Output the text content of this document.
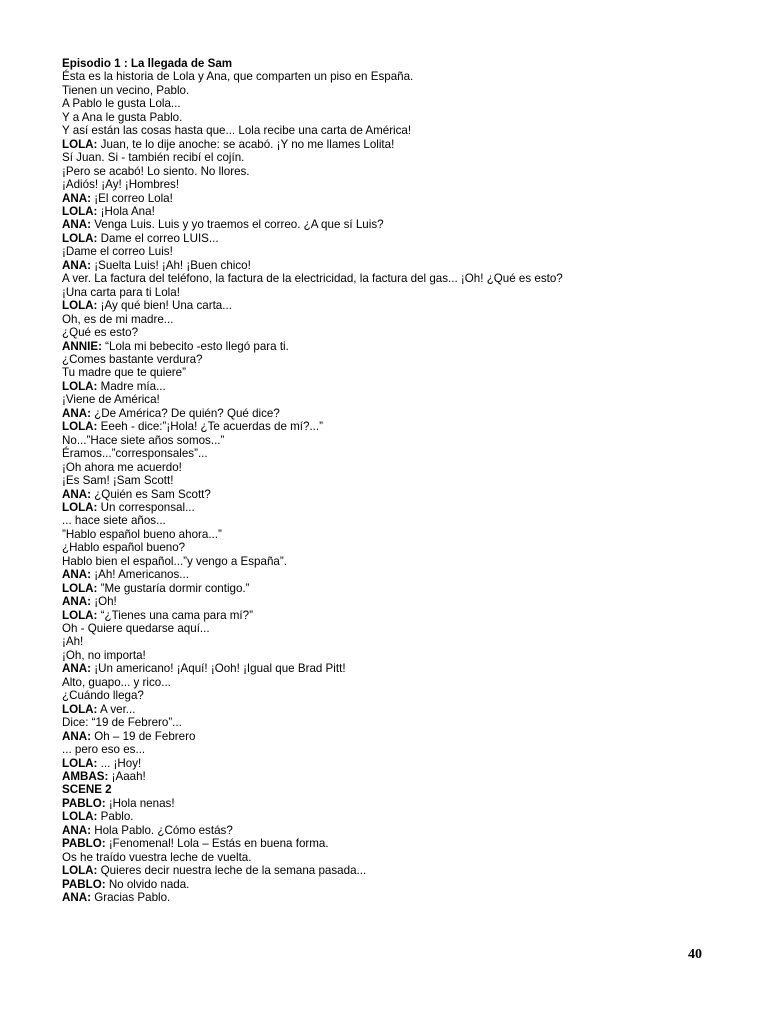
Episodio 1 : La llegada de Sam
Ésta es la historia de Lola y Ana, que comparten un piso en España.
Tienen un vecino, Pablo.
A Pablo le gusta Lola...
Y a Ana le gusta Pablo.
Y así están las cosas hasta que... Lola recibe una carta de América!
LOLA: Juan, te lo dije anoche: se acabó. ¡Y no me llames Lolita!
Sí Juan. Si - también recibí el cojín.
¡Pero se acabó! Lo siento. No llores.
¡Adiós! ¡Ay! ¡Hombres!
ANA: ¡El correo Lola!
LOLA: ¡Hola Ana!
ANA: Venga Luis. Luis y yo traemos el correo. ¿A que sí Luis?
LOLA: Dame el correo LUIS...
¡Dame el correo Luis!
ANA: ¡Suelta Luis! ¡Ah! ¡Buen chico!
A ver. La factura del teléfono, la factura de la electricidad, la factura del gas... ¡Oh! ¿Qué es esto?
¡Una carta para ti Lola!
LOLA: ¡Ay qué bien! Una carta...
Oh, es de mi madre...
¿Qué es esto?
ANNIE: “Lola mi bebecito -esto llegó para ti.
¿Comes bastante verdura?
Tu madre que te quiere”
LOLA: Madre mía...
¡Viene de América!
ANA: ¿De América? De quién? Qué dice?
LOLA: Eeeh - dice:”¡Hola! ¿Te acuerdas de mí?...”
No...”Hace siete años somos...”
Éramos...”corresponsales”...
¡Oh ahora me acuerdo!
¡Es Sam! ¡Sam Scott!
ANA: ¿Quién es Sam Scott?
LOLA: Un corresponsal...
... hace siete años...
”Hablo español bueno ahora...”
¿Hablo español bueno?
Hablo bien el español...”y vengo a España”.
ANA: ¡Ah! Americanos...
LOLA: ”Me gustaría dormir contigo.”
ANA: ¡Oh!
LOLA: “¿Tienes una cama para mí?”
Oh - Quiere quedarse aquí...
¡Ah!
¡Oh, no importa!
ANA: ¡Un americano! ¡Aquí! ¡Ooh! ¡Igual que Brad Pitt!
Alto, guapo... y rico...
¿Cuándo llega?
LOLA: A ver...
Dice: “19 de Febrero”...
ANA: Oh – 19 de Febrero
... pero eso es...
LOLA: ... ¡Hoy!
AMBAS: ¡Aaah!
SCENE 2
PABLO: ¡Hola nenas!
LOLA: Pablo.
ANA: Hola Pablo. ¿Cómo estás?
PABLO: ¡Fenomenal! Lola – Estás en buena forma.
Os he traído vuestra leche de vuelta.
LOLA: Quieres decir nuestra leche de la semana pasada...
PABLO: No olvido nada.
ANA: Gracias Pablo.
40
